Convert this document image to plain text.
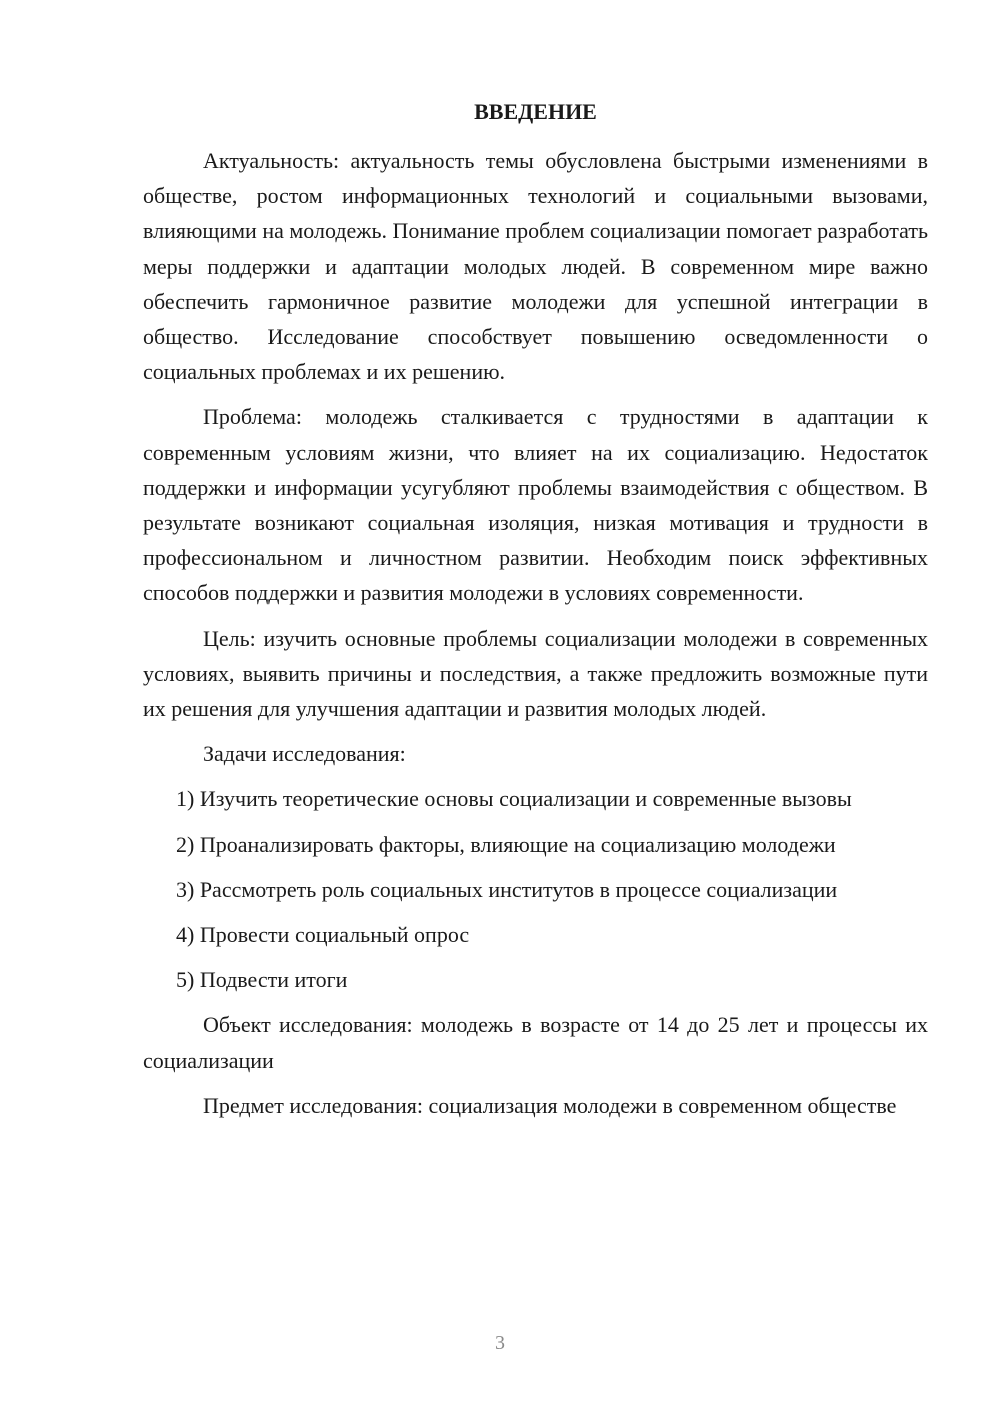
ВВЕДЕНИЕ

Актуальность: актуальность темы обусловлена быстрыми изменениями в обществе, ростом информационных технологий и социальными вызовами, влияющими на молодежь. Понимание проблем социализации помогает разработать меры поддержки и адаптации молодых людей. В современном мире важно обеспечить гармоничное развитие молодежи для успешной интеграции в общество. Исследование способствует повышению осведомленности о социальных проблемах и их решению.

Проблема: молодежь сталкивается с трудностями в адаптации к современным условиям жизни, что влияет на их социализацию. Недостаток поддержки и информации усугубляют проблемы взаимодействия с обществом. В результате возникают социальная изоляция, низкая мотивация и трудности в профессиональном и личностном развитии. Необходим поиск эффективных способов поддержки и развития молодежи в условиях современности.

Цель: изучить основные проблемы социализации молодежи в современных условиях, выявить причины и последствия, а также предложить возможные пути их решения для улучшения адаптации и развития молодых людей.

Задачи исследования:

1) Изучить теоретические основы социализации и современные вызовы
2) Проанализировать факторы, влияющие на социализацию молодежи
3) Рассмотреть роль социальных институтов в процессе социализации
4) Провести социальный опрос
5) Подвести итоги

Объект исследования: молодежь в возрасте от 14 до 25 лет и процессы их социализации

Предмет исследования: социализация молодежи в современном обществе

3
